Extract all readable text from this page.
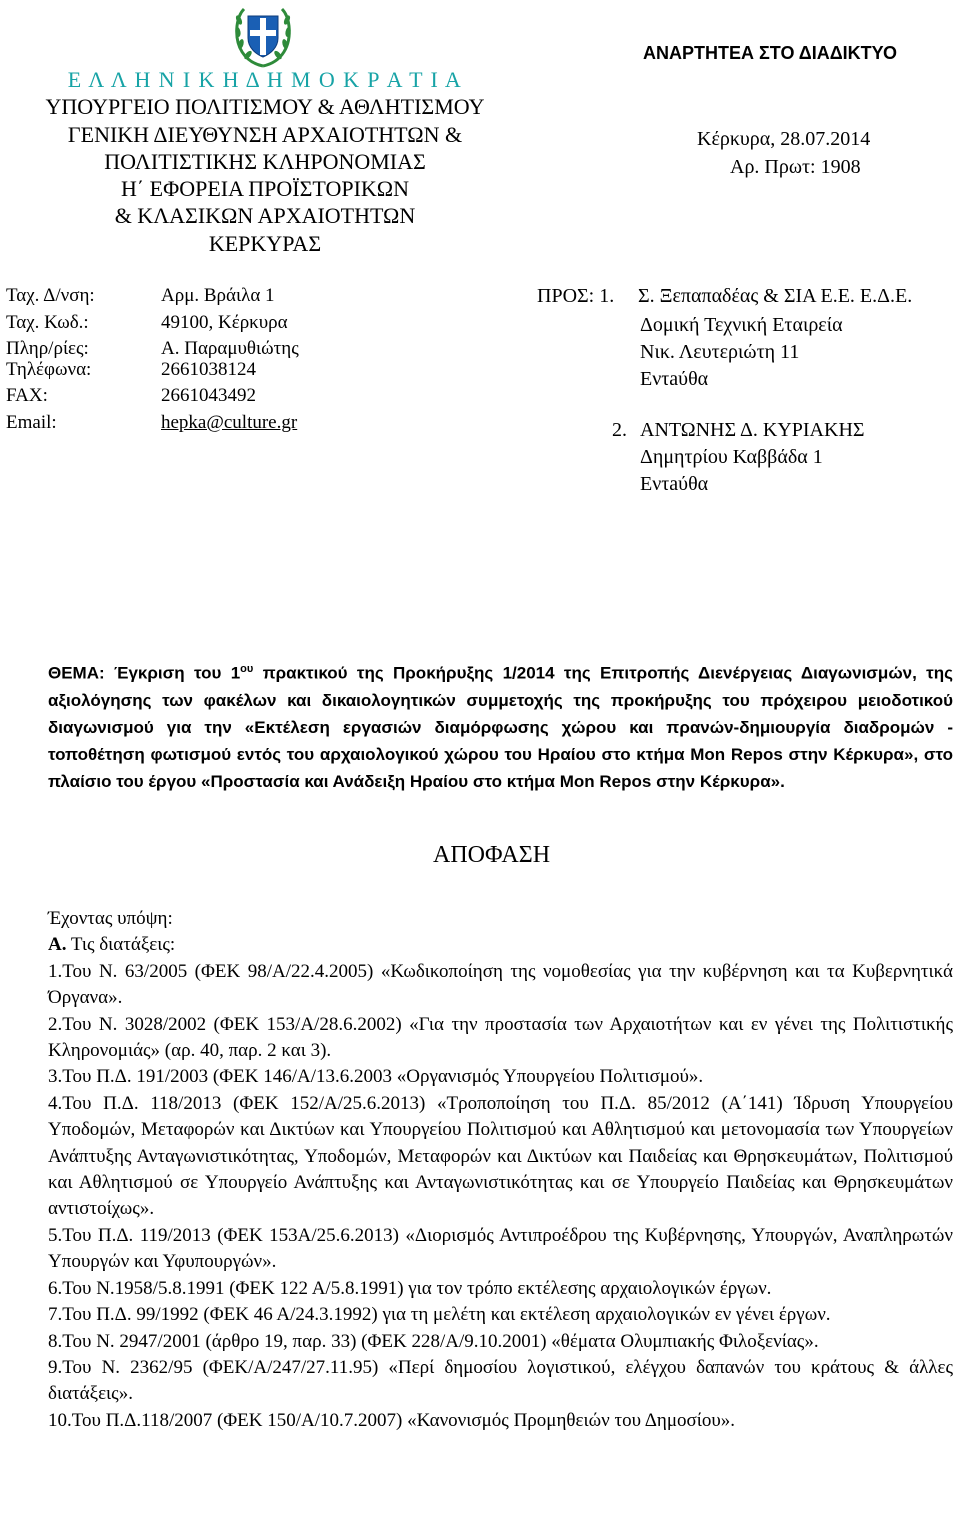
Ε Λ Λ Η Ν Ι Κ Η Δ Η Μ Ο Κ Ρ Α Τ Ι Α
ΥΠΟΥΡΓΕΙΟ ΠΟΛΙΤΙΣΜΟΥ & ΑΘΛΗΤΙΣΜΟΥ
ΓΕΝΙΚΗ ΔΙΕΥΘΥΝΣΗ ΑΡΧΑΙΟΤΗΤΩΝ &
ΠΟΛΙΤΙΣΤΙΚΗΣ ΚΛΗΡΟΝΟΜΙΑΣ
Η΄ ΕΦΟΡΕΙΑ ΠΡΟΪΣΤΟΡΙΚΩΝ
& ΚΛΑΣΙΚΩΝ ΑΡΧΑΙΟΤΗΤΩΝ
ΚΕΡΚΥΡΑΣ
ΑΝΑΡΤΗΤΕΑ ΣΤΟ ΔΙΑΔΙΚΤΥΟ
Κέρκυρα, 28.07.2014
Αρ. Πρωτ: 1908
Ταχ. Δ/νση:	Αρμ. Βράιλα 1
Ταχ. Κωδ.:	49100, Κέρκυρα
Πληρ/ρίες:	Α. Παραμυθιώτης
Τηλέφωνα:	2661038124
FAX:	2661043492
Email:	hepka@culture.gr
ΠΡΟΣ: 1. Σ. Ξεπαπαδέας & ΣΙΑ Ε.Ε. Ε.Δ.Ε.
Δομική Τεχνική Εταιρεία
Νικ. Λευτεριώτη 11
Εντaύθα
2. ΑΝΤΩΝΗΣ Δ. ΚΥΡΙΑΚΗΣ
Δημητρίου Καββάδα 1
Εντaύθα
ΘΕΜΑ: Έγκριση του $1^{o\upsilon}$ πρακτικού της Προκήρυξης 1/2014 της Επιτροπής Διενέργειας Διαγωνισμών, της αξιολόγησης των φακέλων και δικαιολογητικών συμμετοχής της προκήρυξης του πρόχειρου μειοδοτικού διαγωνισμού για την «Εκτέλεση εργασιών διαμόρφωσης χώρου και πρανών-δημιουργία διαδρομών - τοποθέτηση φωτισμού εντός του αρχαιολογικού χώρου του Ηραίου στο κτήμα Mon Repos στην Κέρκυρα», στο πλαίσιο του έργου «Προστασία και Ανάδειξη Ηραίου στο κτήμα Mon Repos στην Κέρκυρα».
ΑΠΟΦΑΣΗ

Έχοντας υπόψη:

Α. Τις διατάξεις:

1.Του Ν. 63/2005 (ΦΕΚ 98/Α/22.4.2005) «Κωδικοποίηση της νομοθεσίας για την κυβέρνηση και τα Κυβερνητικά Όργανα».

2.Του Ν. 3028/2002 (ΦΕΚ 153/Α/28.6.2002) «Για την προστασία των Αρχαιοτήτων και εν γένει της Πολιτιστικής Κληρονομιάς» (αρ. 40, παρ. 2 και 3).

3.Του Π.Δ. 191/2003 (ΦΕΚ 146/Α/13.6.2003 «Οργανισμός Υπουργείου Πολιτισμού».

4.Του Π.Δ. 118/2013 (ΦΕΚ 152/Α/25.6.2013) «Τροποποίηση του Π.Δ. 85/2012 (Α΄141) Ίδρυση Υπουργείου Υποδομών, Μεταφορών και Δικτύων και Υπουργείου Πολιτισμού και Αθλητισμού και μετονομασία των Υπουργείων Ανάπτυξης Ανταγωνιστικότητας, Υποδομών, Μεταφορών και Δικτύων και Παιδείας και Θρησκευμάτων, Πολιτισμού και Αθλητισμού σε Υπουργείο Ανάπτυξης και Ανταγωνιστικότητας και σε Υπουργείο Παιδείας και Θρησκευμάτων αντιστοίχως».

5.Του Π.Δ. 119/2013 (ΦΕΚ 153Α/25.6.2013) «Διορισμός Αντιπροέδρου της Κυβέρνησης, Υπουργών, Αναπληρωτών Υπουργών και Υφυπουργών».

6.Του Ν.1958/5.8.1991 (ΦΕΚ 122 Α/5.8.1991) για τον τρόπο εκτέλεσης αρχαιολογικών έργων.

7.Του Π.Δ. 99/1992 (ΦΕΚ 46 Α/24.3.1992) για τη μελέτη και εκτέλεση αρχαιολογικών εν γένει έργων.

8.Του Ν. 2947/2001 (άρθρο 19, παρ. 33) (ΦΕΚ 228/Α/9.10.2001) «θέματα Ολυμπιακής Φιλοξενίας».

9.Του Ν. 2362/95 (ΦΕΚ/Α/247/27.11.95) «Περί δημοσίου λογιστικού, ελέγχου δαπανών του κράτους & άλλες διατάξεις».

10.Του Π.Δ.118/2007 (ΦΕΚ 150/Α/10.7.2007) «Κανονισμός Προμηθειών του Δημοσίου».
